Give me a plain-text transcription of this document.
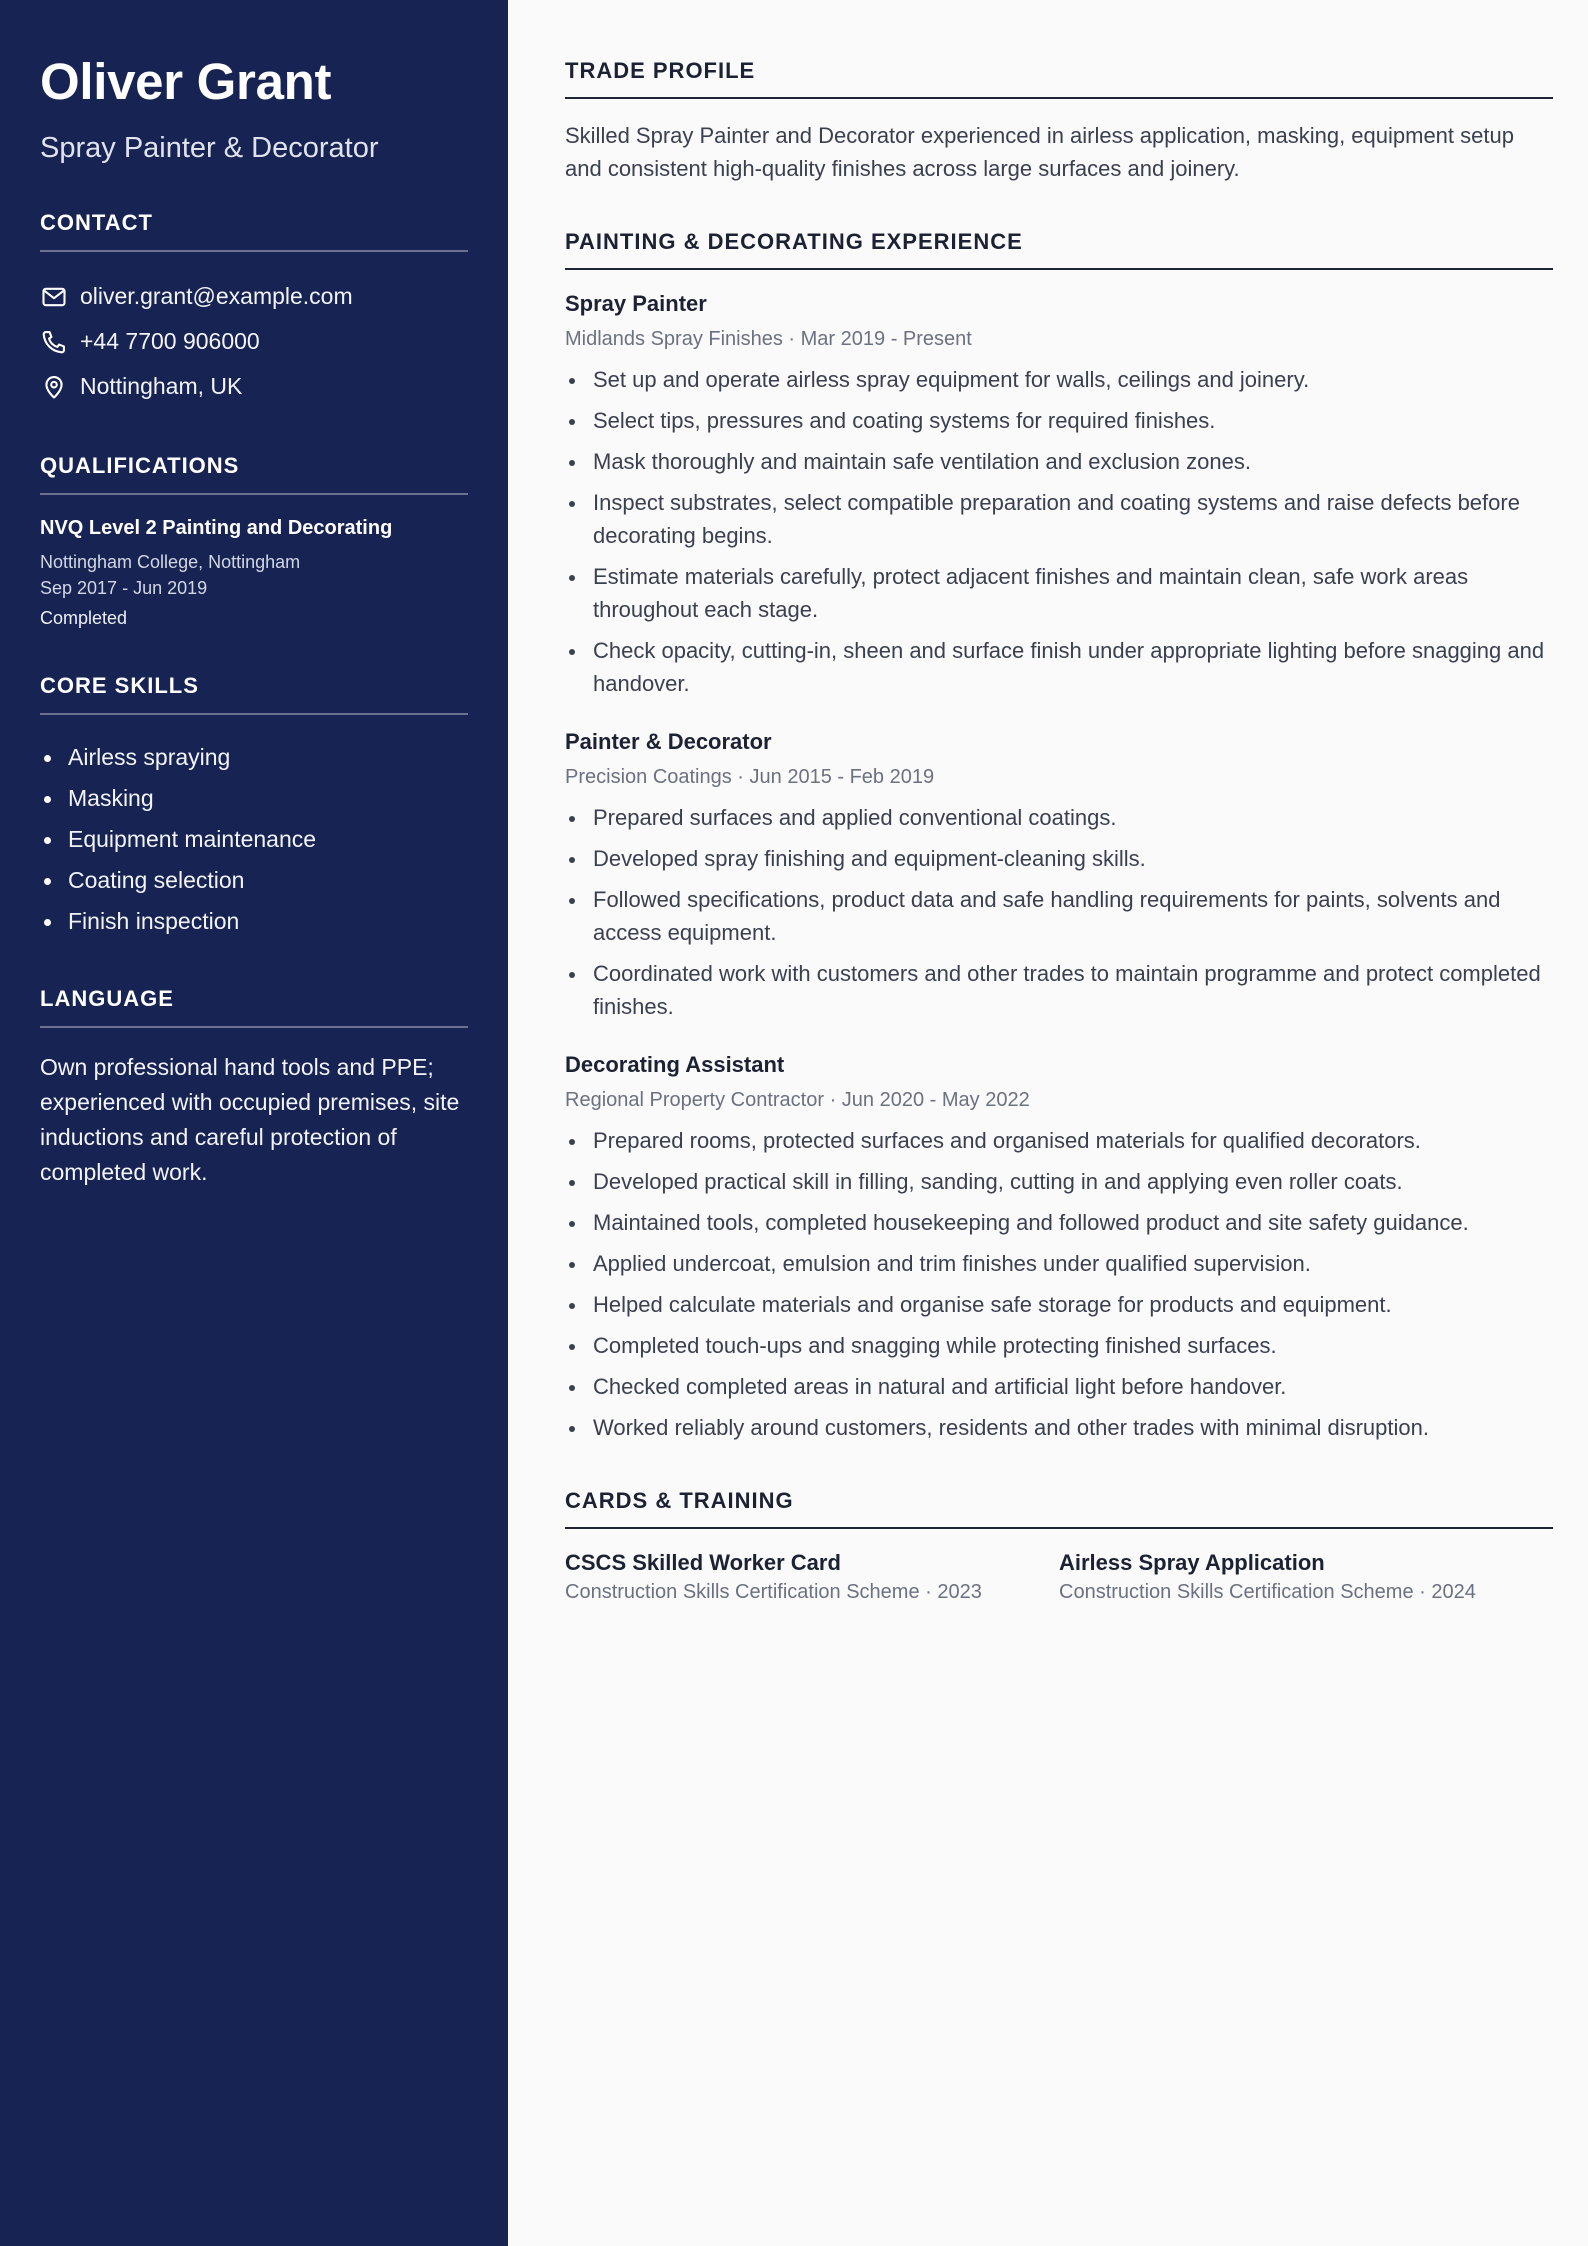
Oliver Grant
Spray Painter & Decorator
CONTACT
oliver.grant@example.com
+44 7700 906000
Nottingham, UK
QUALIFICATIONS
NVQ Level 2 Painting and Decorating
Nottingham College, Nottingham
Sep 2017 - Jun 2019
Completed
CORE SKILLS
Airless spraying
Masking
Equipment maintenance
Coating selection
Finish inspection
LANGUAGE

Own professional hand tools and PPE; experienced with occupied premises, site inductions and careful protection of completed work.

TRADE PROFILE

Skilled Spray Painter and Decorator experienced in airless application, masking, equipment setup and consistent high-quality finishes across large surfaces and joinery.

PAINTING & DECORATING EXPERIENCE
Spray Painter
Midlands Spray Finishes · Mar 2019 - Present
Set up and operate airless spray equipment for walls, ceilings and joinery.
Select tips, pressures and coating systems for required finishes.
Mask thoroughly and maintain safe ventilation and exclusion zones.
Inspect substrates, select compatible preparation and coating systems and raise defects before decorating begins.
Estimate materials carefully, protect adjacent finishes and maintain clean, safe work areas throughout each stage.
Check opacity, cutting-in, sheen and surface finish under appropriate lighting before snagging and handover.
Painter & Decorator
Precision Coatings · Jun 2015 - Feb 2019
Prepared surfaces and applied conventional coatings.
Developed spray finishing and equipment-cleaning skills.
Followed specifications, product data and safe handling requirements for paints, solvents and access equipment.
Coordinated work with customers and other trades to maintain programme and protect completed finishes.
Decorating Assistant
Regional Property Contractor · Jun 2020 - May 2022
Prepared rooms, protected surfaces and organised materials for qualified decorators.
Developed practical skill in filling, sanding, cutting in and applying even roller coats.
Maintained tools, completed housekeeping and followed product and site safety guidance.
Applied undercoat, emulsion and trim finishes under qualified supervision.
Helped calculate materials and organise safe storage for products and equipment.
Completed touch-ups and snagging while protecting finished surfaces.
Checked completed areas in natural and artificial light before handover.
Worked reliably around customers, residents and other trades with minimal disruption.
CARDS & TRAINING
CSCS Skilled Worker Card
Construction Skills Certification Scheme · 2023
Airless Spray Application
Construction Skills Certification Scheme · 2024
